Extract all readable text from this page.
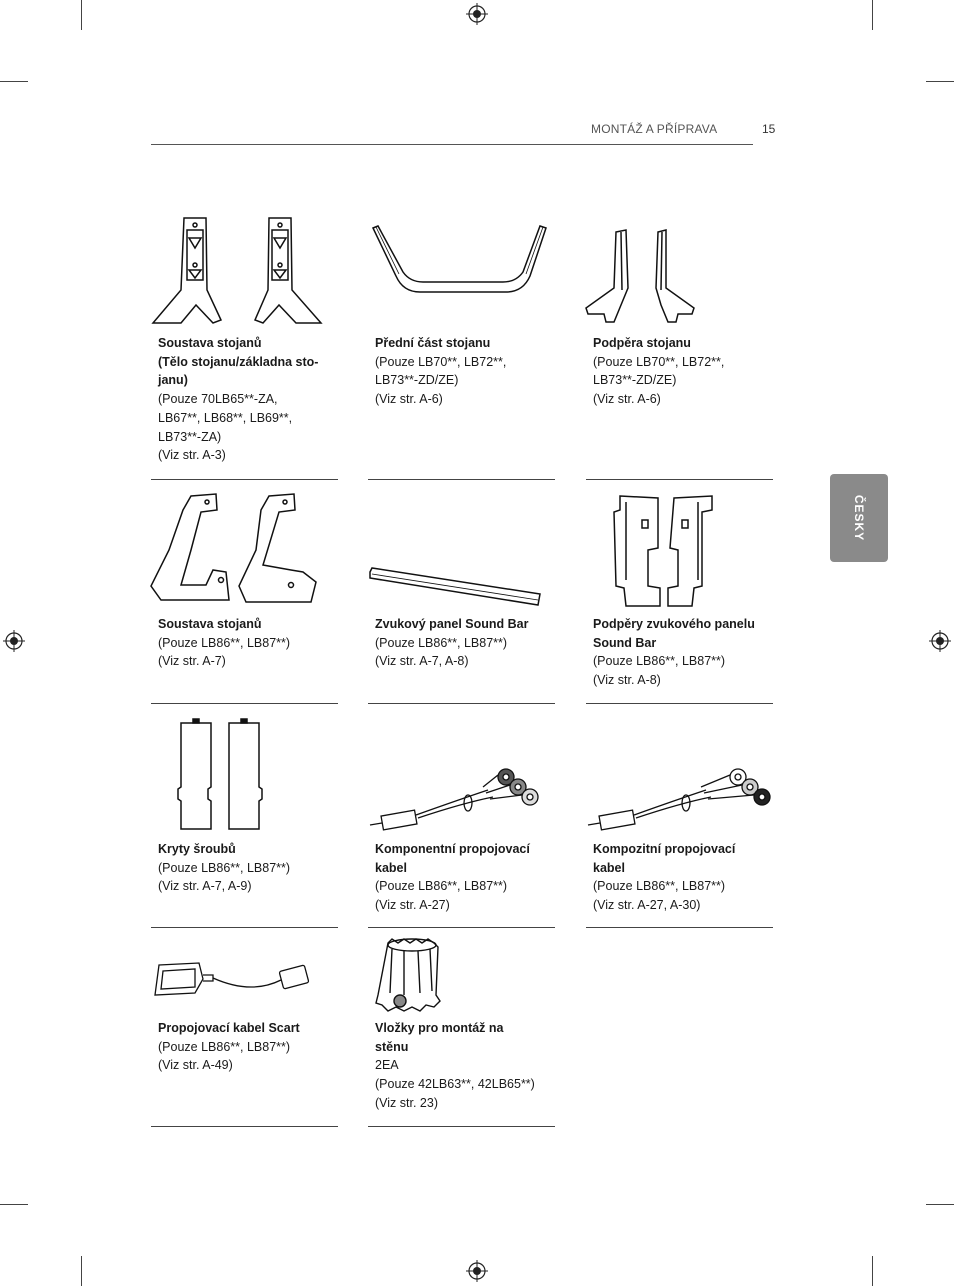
MONTÁŽ A PŘÍPRAVA	15
ČESKY
Soustava stojanů
(Tělo stojanu/základna sto-
janu)
(Pouze 70LB65**-ZA,
LB67**, LB68**, LB69**,
LB73**-ZA)
(Viz str. A-3)
Přední část stojanu
(Pouze LB70**, LB72**,
LB73**-ZD/ZE)
(Viz str. A-6)
Podpěra stojanu
(Pouze LB70**, LB72**,
LB73**-ZD/ZE)
(Viz str. A-6)
Soustava stojanů
(Pouze LB86**, LB87**)
(Viz str. A-7)
Zvukový panel Sound Bar
(Pouze LB86**, LB87**)
(Viz str. A-7, A-8)
Podpěry zvukového panelu
Sound Bar
(Pouze LB86**, LB87**)
(Viz str. A-8)
Kryty šroubů
(Pouze LB86**, LB87**)
(Viz str. A-7, A-9)
Komponentní propojovací
kabel
(Pouze LB86**, LB87**)
(Viz str. A-27)
Kompozitní propojovací
kabel
(Pouze LB86**, LB87**)
(Viz str. A-27, A-30)
Propojovací kabel Scart
(Pouze LB86**, LB87**)
(Viz str. A-49)
Vložky pro montáž na
stěnu
2EA
(Pouze 42LB63**, 42LB65**)
(Viz str. 23)
